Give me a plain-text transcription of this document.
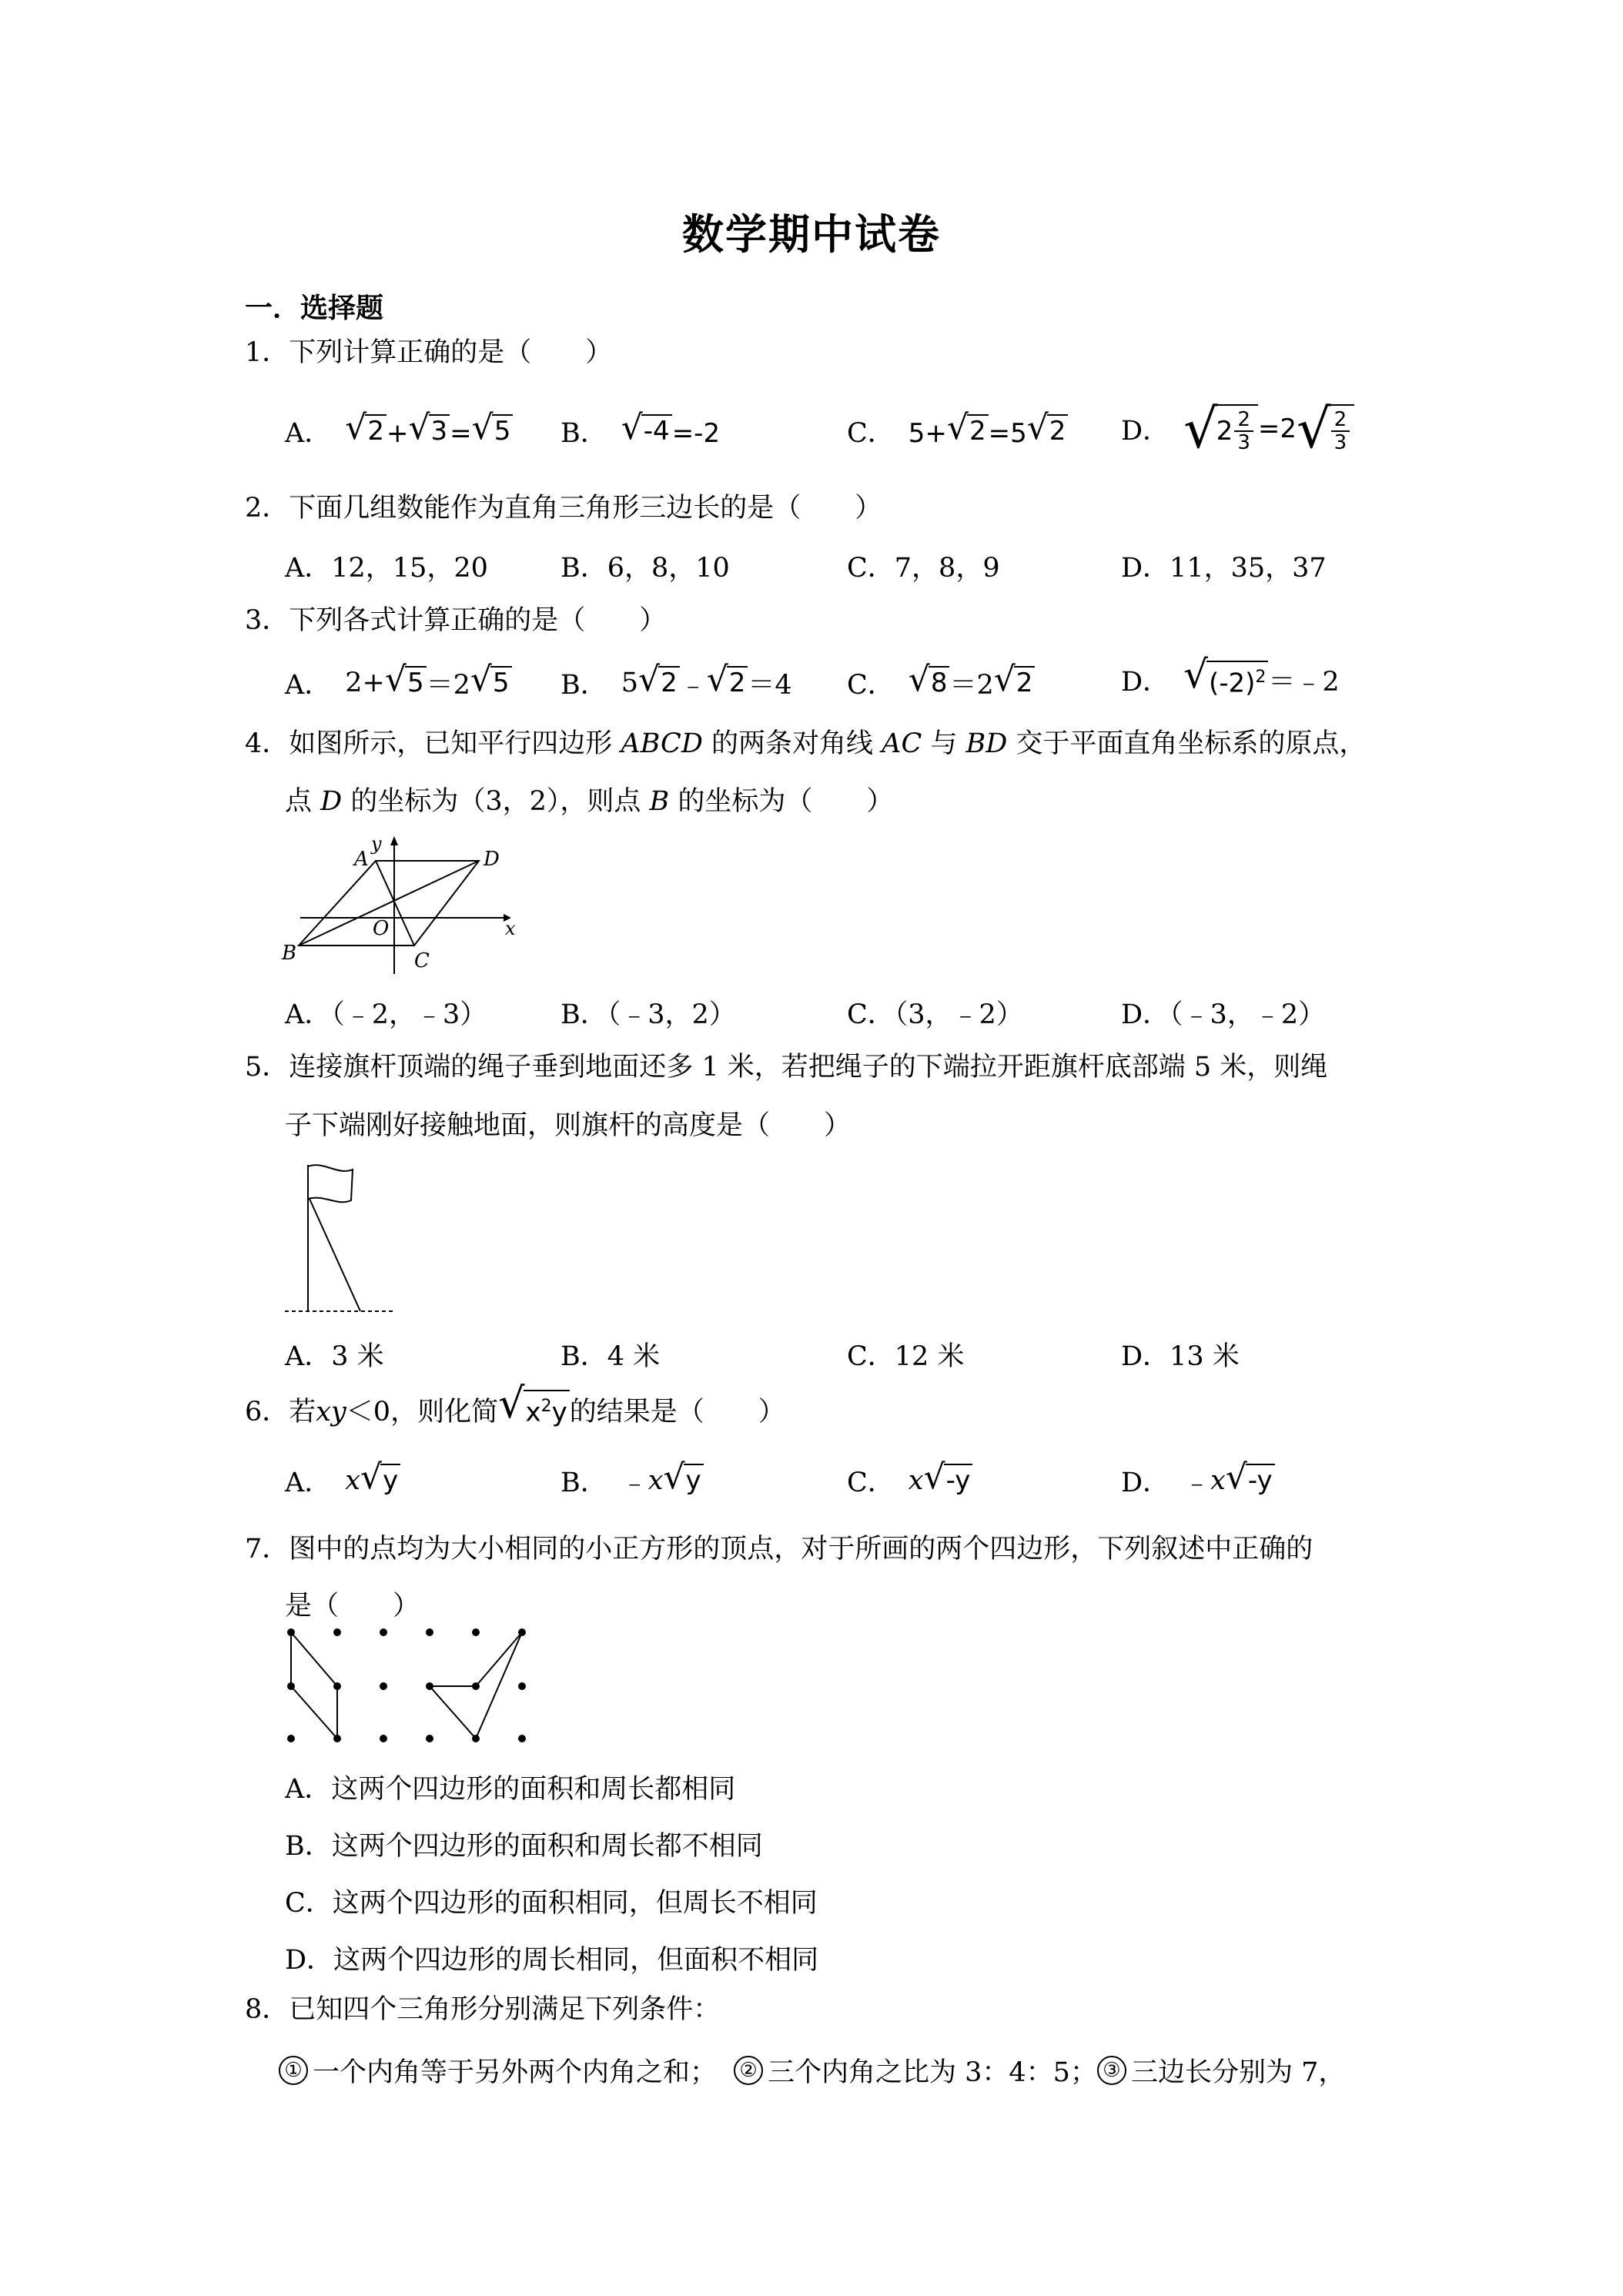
数学期中试卷
一．选择题
1．下列计算正确的是（　　）
A． √ 2 + √ 3 = √ 5 B． √ -4 =-2	C． 5+ √ 2 =5 √ 2 D． √
$2 \frac{2}{3} =2$ √ $\frac{2}{3}$
2．下面几组数能作为直角三角形三边长的是（　　）
A．12，15，20	B．6，8，10	C．7，8，9	D．11，35，37
3．下列各式计算正确的是（　　）
A． 2+ √ 5 ＝2 √ 5 B． 5 √ 2 ﹣ √ 2 ＝4 C． √ 8 ＝2 √ 2	D． √ $(-2)^2$ ＝﹣2
4．如图所示，已知平行四边形 ABCD 的两条对角线 AC 与 BD 交于平面直角坐标系的原点，
点 D 的坐标为（3，2），则点 B 的坐标为（　　）
A	D
B	C
O	x
y
A．（﹣2，﹣3）	B．（﹣3，2）	C．（3，﹣2）	D．（﹣3，﹣2）
5．连接旗杆顶端的绳子垂到地面还多 1 米，若把绳子的下端拉开距旗杆底部端 5 米，则绳
子下端刚好接触地面，则旗杆的高度是（　　）
A．3 米	B．4 米	C．12 米	D．13 米
6．若 xy ＜0，则化简 √ $x^2y$ 的结果是（　　）
A． x √ y	B． ﹣ x √ y	C． x √ -y	D． ﹣ x √ -y
7．图中的点均为大小相同的小正方形的顶点，对于所画的两个四边形，下列叙述中正确的
是（　　）
A．这两个四边形的面积和周长都相同
B．这两个四边形的面积和周长都不相同
C．这两个四边形的面积相同，但周长不相同
D．这两个四边形的周长相同，但面积不相同
8．已知四个三角形分别满足下列条件：
① 一个内角等于另外两个内角之和； ② 三个内角之比为 3：4：5； ③ 三边长分别为 7，
